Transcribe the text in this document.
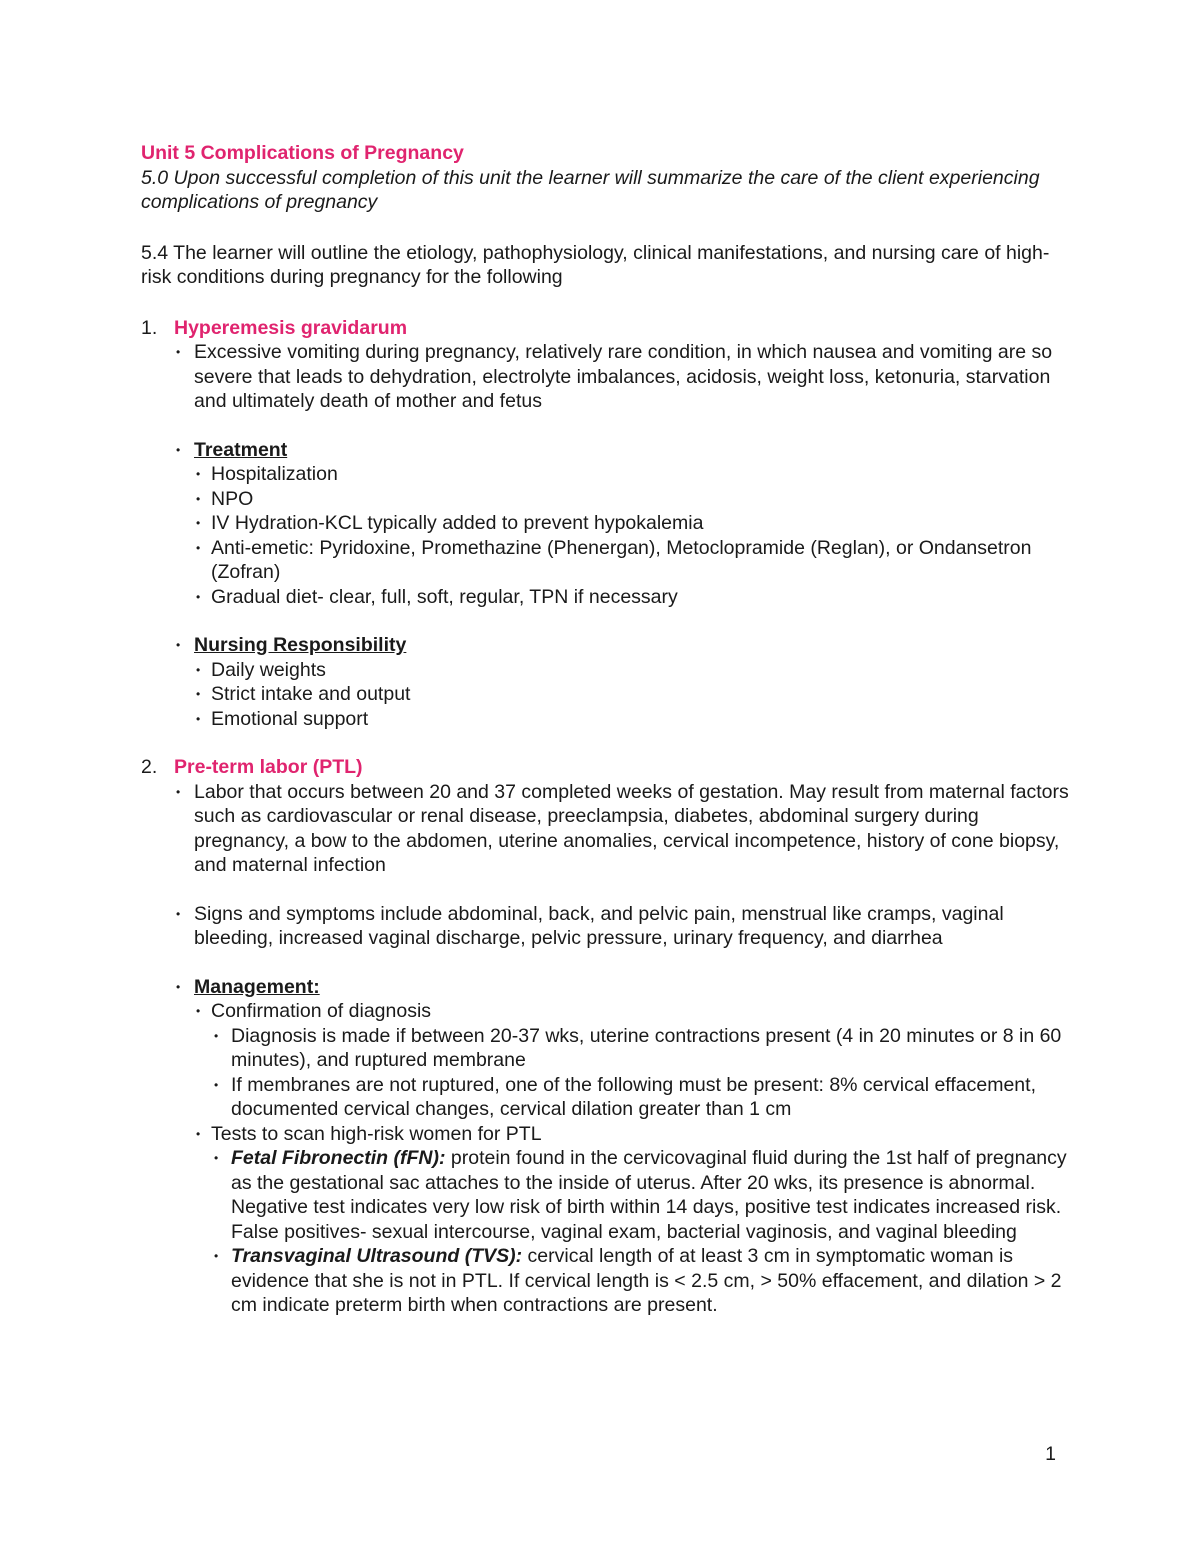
Unit 5 Complications of Pregnancy

5.0 Upon successful completion of this unit the learner will summarize the care of the client experiencing complications of pregnancy

5.4 The learner will outline the etiology, pathophysiology, clinical manifestations, and nursing care of high-risk conditions during pregnancy for the following

1. Hyperemesis gravidarum

• Excessive vomiting during pregnancy, relatively rare condition, in which nausea and vomiting are so severe that leads to dehydration, electrolyte imbalances, acidosis, weight loss, ketonuria, starvation and ultimately death of mother and fetus
• Treatment
• Hospitalization
• NPO
• IV Hydration-KCL typically added to prevent hypokalemia
• Anti-emetic: Pyridoxine, Promethazine (Phenergan), Metoclopramide (Reglan), or Ondansetron (Zofran)
• Gradual diet- clear, full, soft, regular, TPN if necessary
• Nursing Responsibility
• Daily weights
• Strict intake and output
• Emotional support

2. Pre-term labor (PTL)

• Labor that occurs between 20 and 37 completed weeks of gestation. May result from maternal factors such as cardiovascular or renal disease, preeclampsia, diabetes, abdominal surgery during pregnancy, a bow to the abdomen, uterine anomalies, cervical incompetence, history of cone biopsy, and maternal infection
• Signs and symptoms include abdominal, back, and pelvic pain, menstrual like cramps, vaginal bleeding, increased vaginal discharge, pelvic pressure, urinary frequency, and diarrhea
• Management:
• Confirmation of diagnosis
• Diagnosis is made if between 20-37 wks, uterine contractions present (4 in 20 minutes or 8 in 60 minutes), and ruptured membrane
• If membranes are not ruptured, one of the following must be present: 8% cervical effacement, documented cervical changes, cervical dilation greater than 1 cm
• Tests to scan high-risk women for PTL
• Fetal Fibronectin (fFN): protein found in the cervicovaginal fluid during the 1st half of pregnancy as the gestational sac attaches to the inside of uterus. After 20 wks, its presence is abnormal. Negative test indicates very low risk of birth within 14 days, positive test indicates increased risk. False positives- sexual intercourse, vaginal exam, bacterial vaginosis, and vaginal bleeding
• Transvaginal Ultrasound (TVS): cervical length of at least 3 cm in symptomatic woman is evidence that she is not in PTL. If cervical length is < 2.5 cm, > 50% effacement, and dilation > 2 cm indicate preterm birth when contractions are present.
1
